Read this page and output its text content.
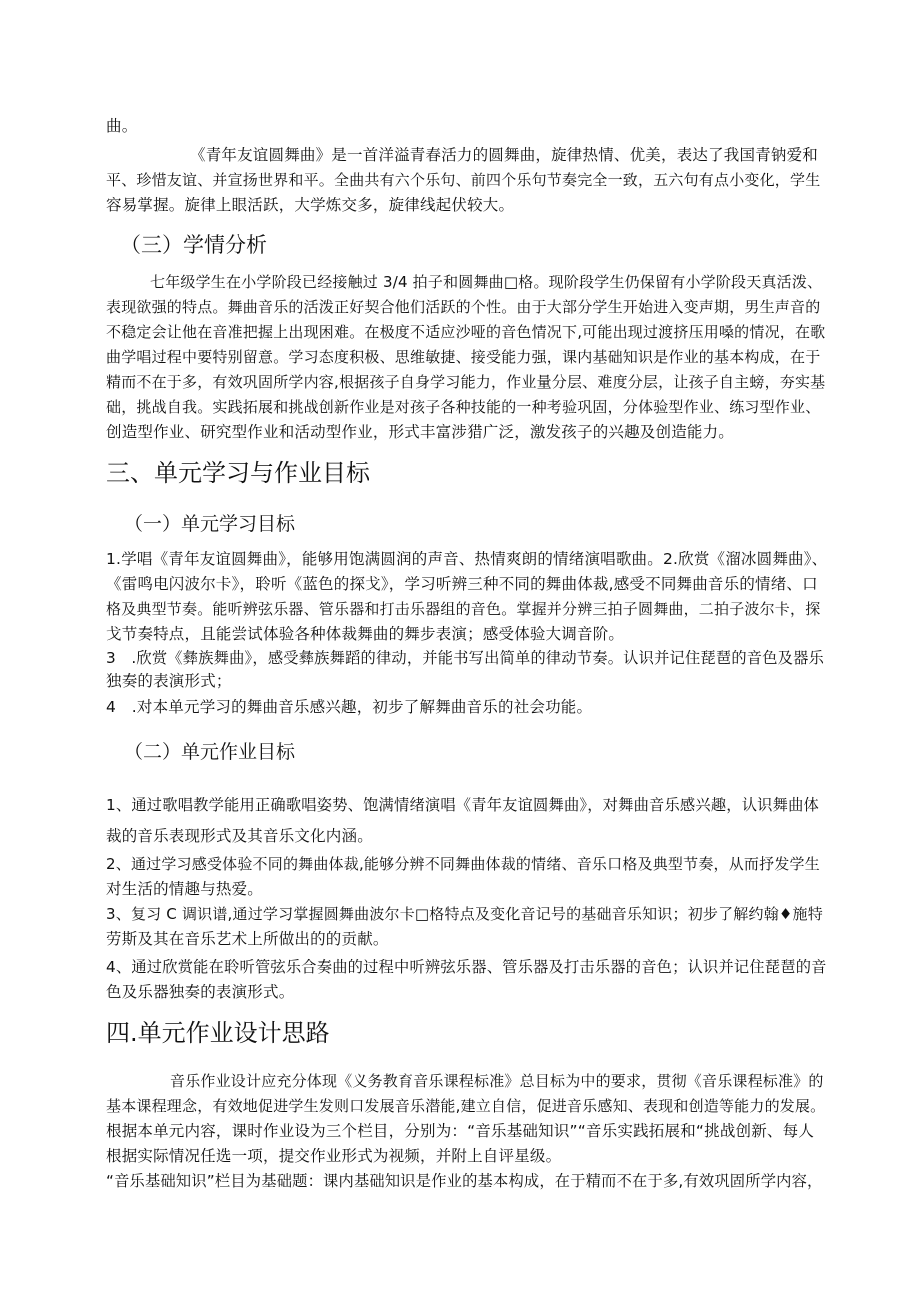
曲。
《青年友谊圆舞曲》是一首洋溢青春活力的圆舞曲，旋律热情、优美，表达了我国青钠爱和
平、珍惜友谊、并宣扬世界和平。全曲共有六个乐句、前四个乐句节奏完全一致，五六句有点小变化，学生
容易掌握。旋律上眼活跃，大学炼交多，旋律线起伏较大。
（三）学情分析
七年级学生在小学阶段已经接触过 3/4 拍子和圆舞曲□格。现阶段学生仍保留有小学阶段天真活泼、
表现欲强的特点。舞曲音乐的活泼正好契合他们活跃的个性。由于大部分学生开始进入变声期，男生声音的
不稳定会让他在音准把握上出现困难。在极度不适应沙哑的音色情况下,可能出现过渡挤压用嗓的情况，在歌
曲学唱过程中要特别留意。学习态度积极、思维敏捷、接受能力强，课内基础知识是作业的基本构成，在于
精而不在于多，有效巩固所学内容,根据孩子自身学习能力，作业量分层、难度分层，让孩子自主螃，夯实基
础，挑战自我。实践拓展和挑战创新作业是对孩子各种技能的一种考验巩固，分体验型作业、练习型作业、
创造型作业、研究型作业和活动型作业，形式丰富涉猎广泛，激发孩子的兴趣及创造能力。
三、单元学习与作业目标
（一）单元学习目标
1.学唱《青年友谊圆舞曲》，能够用饱满圆润的声音、热情爽朗的情绪演唱歌曲。2.欣赏《溜冰圆舞曲》、
《雷鸣电闪波尔卡》，聆听《蓝色的探戈》，学习听辨三种不同的舞曲体裁,感受不同舞曲音乐的情绪、口
格及典型节奏。能听辨弦乐器、管乐器和打击乐器组的音色。掌握并分辨三拍子圆舞曲，二拍子波尔卡，探
戈节奏特点，且能尝试体验各种体裁舞曲的舞步表演；感受体验大调音阶。
3　.欣赏《彝族舞曲》，感受彝族舞蹈的律动，并能书写出简单的律动节奏。认识并记住琵琶的音色及器乐
独奏的表演形式；
4　.对本单元学习的舞曲音乐感兴趣，初步了解舞曲音乐的社会功能。
（二）单元作业目标
1、通过歌唱教学能用正确歌唱姿势、饱满情绪演唱《青年友谊圆舞曲》，对舞曲音乐感兴趣，认识舞曲体
裁的音乐表现形式及其音乐文化内涵。
2、通过学习感受体验不同的舞曲体裁,能够分辨不同舞曲体裁的情绪、音乐口格及典型节奏，从而抒发学生
对生活的情趣与热爱。
3、复习 C 调识谱,通过学习掌握圆舞曲波尔卡□格特点及变化音记号的基础音乐知识；初步了解约翰♦施特
劳斯及其在音乐艺术上所做出的的贡献。
4、通过欣赏能在聆听管弦乐合奏曲的过程中听辨弦乐器、管乐器及打击乐器的音色；认识并记住琵琶的音
色及乐器独奏的表演形式。
四.单元作业设计思路
音乐作业设计应充分体现《义务教育音乐课程标准》总目标为中的要求，贯彻《音乐课程标准》的
基本课程理念，有效地促进学生发则口发展音乐潜能,建立自信，促进音乐感知、表现和创造等能力的发展。
根据本单元内容，课时作业设为三个栏目，分别为：“音乐基础知识”“音乐实践拓展和“挑战创新、每人
根据实际情况任选一项，提交作业形式为视频，并附上自评星级。
“音乐基础知识”栏目为基础题：课内基础知识是作业的基本构成，在于精而不在于多,有效巩固所学内容，
